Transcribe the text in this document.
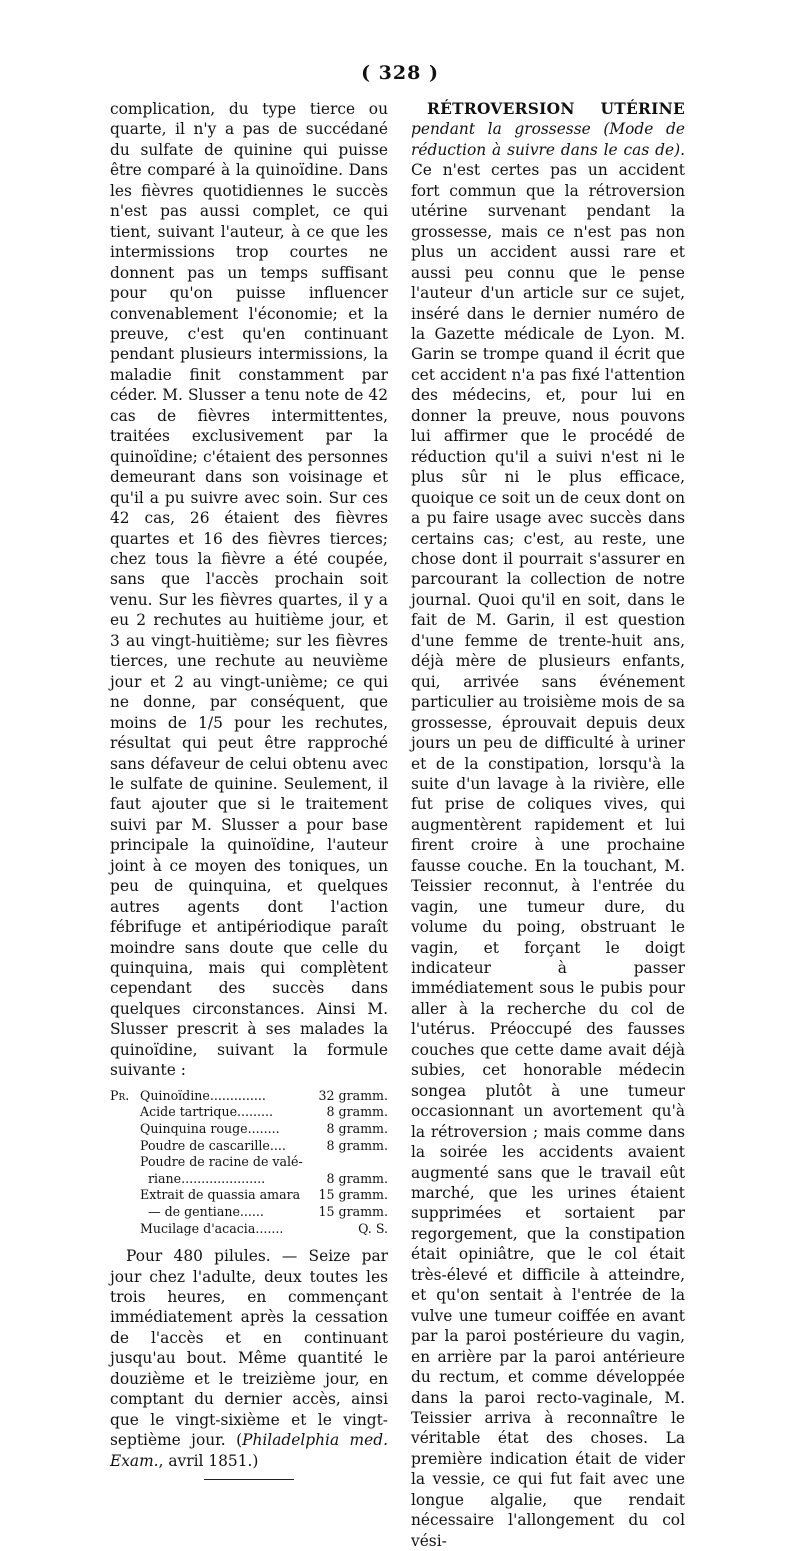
( 328 )

complication, du type tierce ou quarte, il n'y a pas de succédané du sulfate de quinine qui puisse être comparé à la quinoïdine. Dans les fièvres quotidiennes le succès n'est pas aussi complet, ce qui tient, suivant l'auteur, à ce que les intermissions trop courtes ne donnent pas un temps suffisant pour qu'on puisse influencer convenablement l'économie; et la preuve, c'est qu'en continuant pendant plusieurs intermissions, la maladie finit constamment par céder. M. Slusser a tenu note de 42 cas de fièvres intermittentes, traitées exclusivement par la quinoïdine; c'étaient des personnes demeurant dans son voisinage et qu'il a pu suivre avec soin. Sur ces 42 cas, 26 étaient des fièvres quartes et 16 des fièvres tierces; chez tous la fièvre a été coupée, sans que l'accès prochain soit venu. Sur les fièvres quartes, il y a eu 2 rechutes au huitième jour, et 3 au vingt-huitième; sur les fièvres tierces, une rechute au neuvième jour et 2 au vingt-unième; ce qui ne donne, par conséquent, que moins de 1/5 pour les rechutes, résultat qui peut être rapproché sans défaveur de celui obtenu avec le sulfate de quinine. Seulement, il faut ajouter que si le traitement suivi par M. Slusser a pour base principale la quinoïdine, l'auteur joint à ce moyen des toniques, un peu de quinquina, et quelques autres agents dont l'action fébrifuge et antipériodique paraît moindre sans doute que celle du quinquina, mais qui complètent cependant des succès dans quelques circonstances. Ainsi M. Slusser prescrit à ses malades la quinoïdine, suivant la formule suivante :

Pr. Quinoïdine..............	32 gramm.
Acide tartrique.........	8 gramm.
Quinquina rouge........	8 gramm.
Poudre de cascarille....	8 gramm.
Poudre de racine de valé-
riane.....................	8 gramm.
Extrait de quassia amara 15 gramm.
— de gentiane......	15 gramm.
Mucilage d'acacia.......	Q. S.

Pour 480 pilules. — Seize par jour chez l'adulte, deux toutes les trois heures, en commençant immédiatement après la cessation de l'accès et en continuant jusqu'au bout. Même quantité le douzième et le treizième jour, en comptant du dernier accès, ainsi que le vingt-sixième et le vingt-septième jour. (Philadelphia med. Exam., avril 1851.)

RÉTROVERSION UTÉRINE pendant la grossesse (Mode de réduction à suivre dans le cas de). Ce n'est certes pas un accident fort commun que la rétroversion utérine survenant pendant la grossesse, mais ce n'est pas non plus un accident aussi rare et aussi peu connu que le pense l'auteur d'un article sur ce sujet, inséré dans le dernier numéro de la Gazette médicale de Lyon. M. Garin se trompe quand il écrit que cet accident n'a pas fixé l'attention des médecins, et, pour lui en donner la preuve, nous pouvons lui affirmer que le procédé de réduction qu'il a suivi n'est ni le plus sûr ni le plus efficace, quoique ce soit un de ceux dont on a pu faire usage avec succès dans certains cas; c'est, au reste, une chose dont il pourrait s'assurer en parcourant la collection de notre journal. Quoi qu'il en soit, dans le fait de M. Garin, il est question d'une femme de trente-huit ans, déjà mère de plusieurs enfants, qui, arrivée sans événement particulier au troisième mois de sa grossesse, éprouvait depuis deux jours un peu de difficulté à uriner et de la constipation, lorsqu'à la suite d'un lavage à la rivière, elle fut prise de coliques vives, qui augmentèrent rapidement et lui firent croire à une prochaine fausse couche. En la touchant, M. Teissier reconnut, à l'entrée du vagin, une tumeur dure, du volume du poing, obstruant le vagin, et forçant le doigt indicateur à passer immédiatement sous le pubis pour aller à la recherche du col de l'utérus. Préoccupé des fausses couches que cette dame avait déjà subies, cet honorable médecin songea plutôt à une tumeur occasionnant un avortement qu'à la rétroversion ; mais comme dans la soirée les accidents avaient augmenté sans que le travail eût marché, que les urines étaient supprimées et sortaient par regorgement, que la constipation était opiniâtre, que le col était très-élevé et difficile à atteindre, et qu'on sentait à l'entrée de la vulve une tumeur coiffée en avant par la paroi postérieure du vagin, en arrière par la paroi antérieure du rectum, et comme développée dans la paroi recto-vaginale, M. Teissier arriva à reconnaître le véritable état des choses. La première indication était de vider la vessie, ce qui fut fait avec une longue algalie, que rendait nécessaire l'allongement du col vési-
